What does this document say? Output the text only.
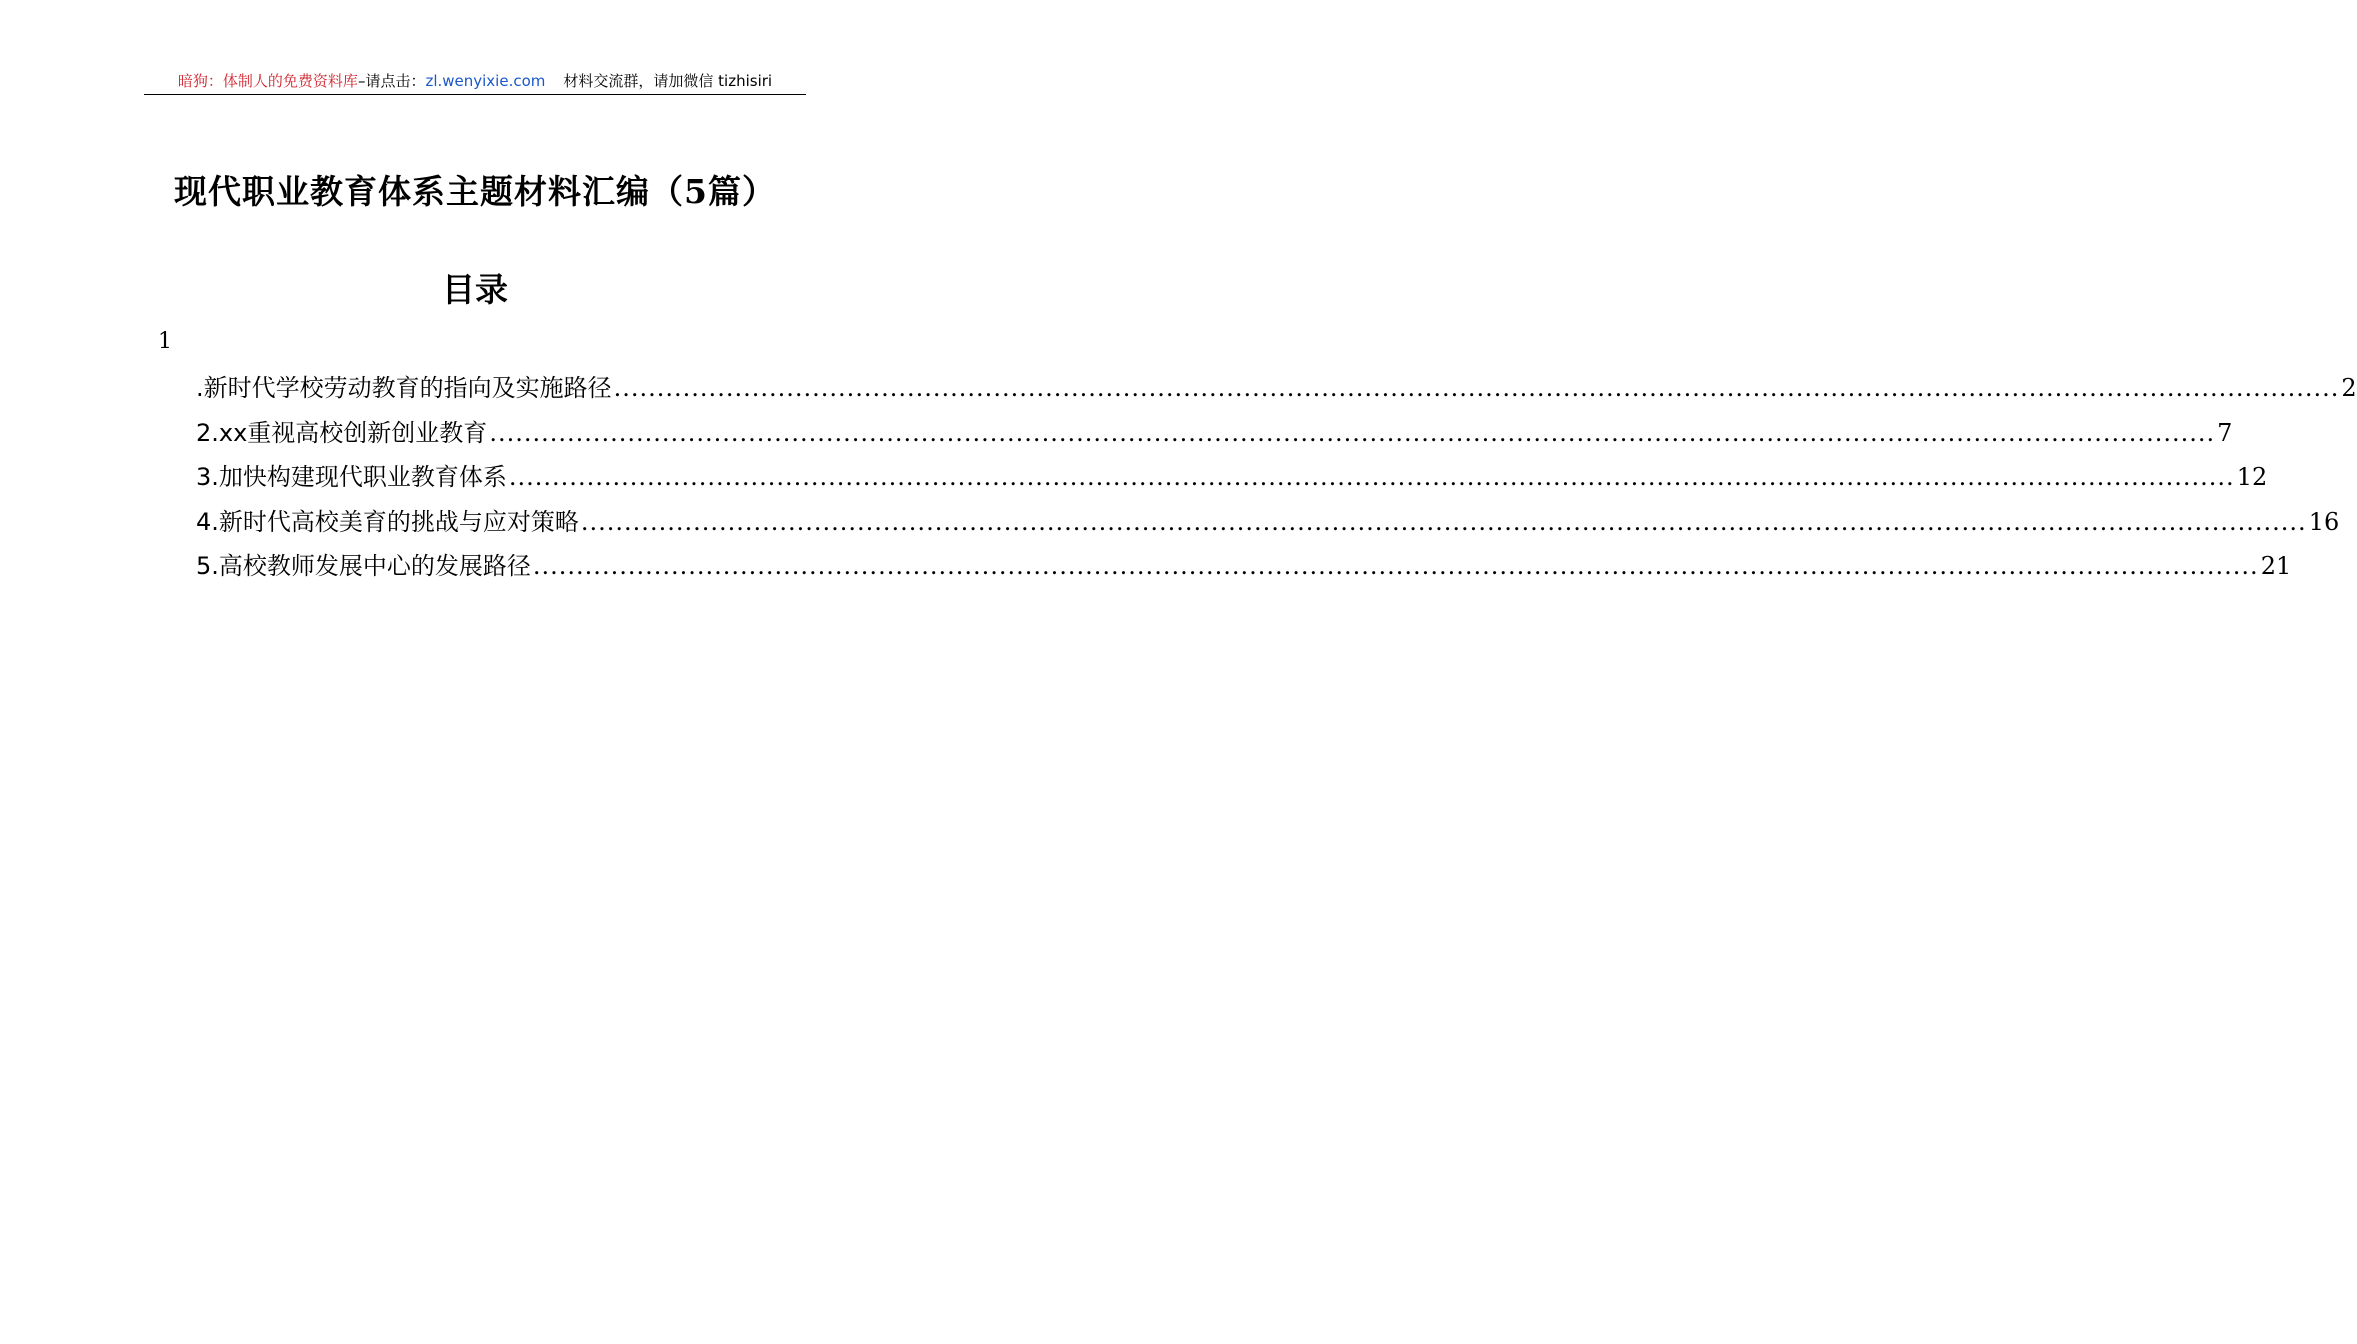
暗狗：体制人的免费资料库–请点击：zl.wenyixie.com 材料交流群，请加微信 tizhisiri
现代职业教育体系主题材料汇编（5篇）
目录
1
.新时代学校劳动教育的指向及实施路径 ........................................................................................................................................................................................................ 2
2.xx重视高校创新创业教育 ........................................................................................................................................................................................................ 7
3.加快构建现代职业教育体系 ........................................................................................................................................................................................................ 12
4.新时代高校美育的挑战与应对策略 ........................................................................................................................................................................................................ 16
5.高校教师发展中心的发展路径 ........................................................................................................................................................................................................ 21
